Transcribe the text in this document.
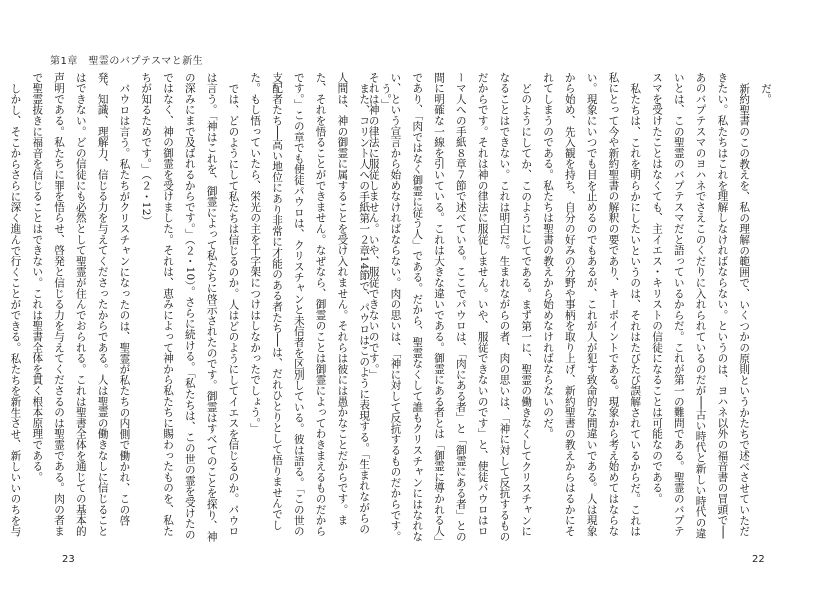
第1章　聖霊のバプテスマと新生

う。」

また、コリント人への手紙第一２章14節で、パウロはこのように表現する。「生まれながらの人間は、神の御霊に属することを受け入れません。それらは彼には愚かなことだからです。また、それを悟ることができません。なぜなら、御霊のことは御霊によってわきまえるものだからです。」この章でも使徒パウロは、クリスチャンと未信者を区別している。彼は語る。「この世の支配者たち──高い地位にあり非常に才能のある者たち──は、だれひとりとして悟りませんでした。もし悟っていたら、栄光の主を十字架につけはしなかったでしょう。」

では、どのようにして私たちは信じるのか。人はどのようにしてイエスを信じるのか。パウロは言う。「神はこれを、御霊によって私たちに啓示されたのです。御霊はすべてのことを探り、神の深みにまで及ばれるからです。」（２・10）。さらに続ける。「私たちは、この世の霊を受けたのではなく、神の御霊を受けました。それは、恵みによって神から私たちに賜わったものを、私たちが知るためです。」（２・12）

パウロは言う。私たちがクリスチャンになったのは、聖霊が私たちの内側で働かれ、この啓発、知識、理解力、信じる力を与えてくださったからである。人は聖霊の働きなしに信じることはできない。どの信徒にも必然として聖霊が住んでおられる。これは聖書全体を通じての基本的声明である。私たちに罪を悟らせ、啓発と信じる力を与えてくださるのは聖霊である。肉の者まで聖霊抜きに福音を信じることはできない。これは聖書全体を貫く根本原理である。

しかし、そこからさらに深く進んで行くことができる。私たちを新生させ、新しいいのちを与

だ。

新約聖書のこの教えを、私の理解の範囲で、いくつかの原則というかたちで述べさせていただきたい。私たちはこれを理解しなければならない。というのは、ヨハネ以外の福音書の冒頭で──あのバプテスマのヨハネでさえこのくだりに入れられているのだが──古い時代と新しい時代の違いとは、この聖霊のバプテスマだと語っているからだ。これが第一の難問である。聖霊のバプテスマを受けたことはなくても、主イエス・キリストの信徒になることは可能なのである。

私たちは、これを明らかにしたいというのは、それはたびたび誤解されているからだ。これは私にとって今や新約聖書の解釈の要であり、キーポイントである。現象から考え始めてはならない。現象にいつでも目を止めるのでもあるが、これが人が犯す致命的な間違いである。人は現象から始め、先入観を持ち、自分の好みの分野や事柄を取り上げ、新約聖書の教えからはるかにそれてしまうのである。私たちは聖書の教えから始めなければならないのだ。

どのようにしてか、このようにしてである。まず第一に、聖霊の働きなくしてクリスチャンになることはできない。これは明白だ。生まれながらの者、肉の思いは、「神に対して反抗するものだからです。それは神の律法に服従しません。いや、服従できないのです」と、使徒パウロはローマ人への手紙８章７節で述べている。ここでパウロは、「肉にある者」と「御霊にある者」との間に明確な一線を引いている。これは大きな違いである。御霊にある者とは「御霊に導かれる人」であり、「肉ではなく御霊に従う人」である。だから、聖霊なくして誰もクリスチャンにはなれない、という宣言から始めなければならない。肉の思いは、「神に対して反抗するものだからです。それは神の律法に服従しません。いや、服従できないのです。」

23	22
